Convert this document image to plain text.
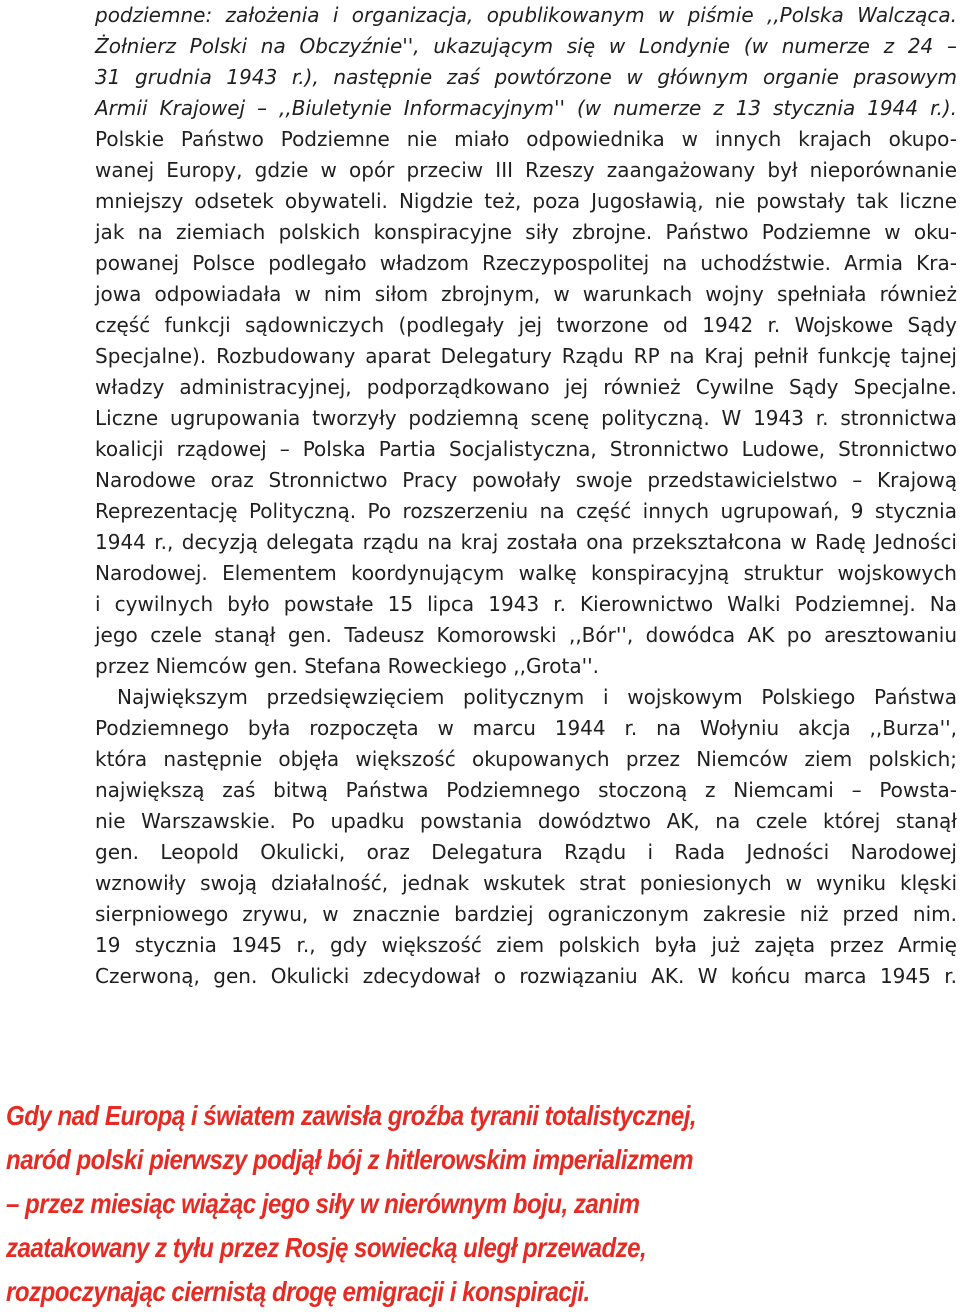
podziemne: założenia i organizacja, opublikowanym w piśmie ,,Polska Walcząca.
Żołnierz Polski na Obczyźnie'', ukazującym się w Londynie (w numerze z 24 –
31 grudnia 1943 r.), następnie zaś powtórzone w głównym organie prasowym
Armii Krajowej – ,,Biuletynie Informacyjnym'' (w numerze z 13 stycznia 1944 r.).
Polskie Państwo Podziemne nie miało odpowiednika w innych krajach okupo-
wanej Europy, gdzie w opór przeciw III Rzeszy zaangażowany był nieporównanie
mniejszy odsetek obywateli. Nigdzie też, poza Jugosławią, nie powstały tak liczne
jak na ziemiach polskich konspiracyjne siły zbrojne. Państwo Podziemne w oku-
powanej Polsce podlegało władzom Rzeczypospolitej na uchodźstwie. Armia Kra-
jowa odpowiadała w nim siłom zbrojnym, w warunkach wojny spełniała również
część funkcji sądowniczych (podlegały jej tworzone od 1942 r. Wojskowe Sądy
Specjalne). Rozbudowany aparat Delegatury Rządu RP na Kraj pełnił funkcję tajnej
władzy administracyjnej, podporządkowano jej również Cywilne Sądy Specjalne.
Liczne ugrupowania tworzyły podziemną scenę polityczną. W 1943 r. stronnictwa
koalicji rządowej – Polska Partia Socjalistyczna, Stronnictwo Ludowe, Stronnictwo
Narodowe oraz Stronnictwo Pracy powołały swoje przedstawicielstwo – Krajową
Reprezentację Polityczną. Po rozszerzeniu na część innych ugrupowań, 9 stycznia
1944 r., decyzją delegata rządu na kraj została ona przekształcona w Radę Jedności
Narodowej. Elementem koordynującym walkę konspiracyjną struktur wojskowych
i cywilnych było powstałe 15 lipca 1943 r. Kierownictwo Walki Podziemnej. Na
jego czele stanął gen. Tadeusz Komorowski ,,Bór'', dowódca AK po aresztowaniu
przez Niemców gen. Stefana Roweckiego ,,Grota''.
Największym przedsięwzięciem politycznym i wojskowym Polskiego Państwa
Podziemnego była rozpoczęta w marcu 1944 r. na Wołyniu akcja ,,Burza'',
która następnie objęła większość okupowanych przez Niemców ziem polskich;
największą zaś bitwą Państwa Podziemnego stoczoną z Niemcami – Powsta-
nie Warszawskie. Po upadku powstania dowództwo AK, na czele której stanął
gen. Leopold Okulicki, oraz Delegatura Rządu i Rada Jedności Narodowej
wznowiły swoją działalność, jednak wskutek strat poniesionych w wyniku klęski
sierpniowego zrywu, w znacznie bardziej ograniczonym zakresie niż przed nim.
19 stycznia 1945 r., gdy większość ziem polskich była już zajęta przez Armię
Czerwoną, gen. Okulicki zdecydował o rozwiązaniu AK. W końcu marca 1945 r.
Gdy nad Europą i światem zawisła groźba tyranii totalistycznej,
naród polski pierwszy podjął bój z hitlerowskim imperializmem
– przez miesiąc wiążąc jego siły w nierównym boju, zanim
zaatakowany z tyłu przez Rosję sowiecką uległ przewadze,
rozpoczynając ciernistą drogę emigracji i konspiracji.
